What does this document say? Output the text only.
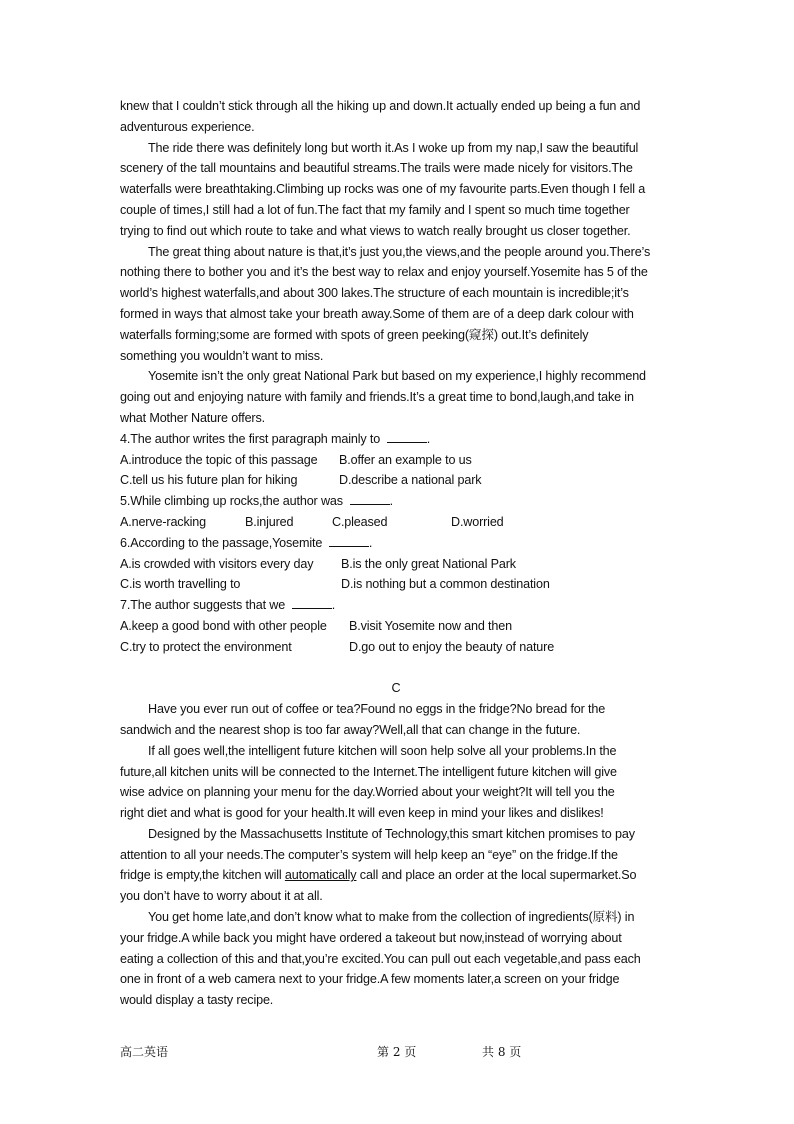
knew that I couldn’t stick through all the hiking up and down.It actually ended up being a fun and
adventurous experience.
The ride there was definitely long but worth it.As I woke up from my nap,I saw the beautiful
scenery of the tall mountains and beautiful streams.The trails were made nicely for visitors.The
waterfalls were breathtaking.Climbing up rocks was one of my favourite parts.Even though I fell a
couple of times,I still had a lot of fun.The fact that my family and I spent so much time together
trying to find out which route to take and what views to watch really brought us closer together.
The great thing about nature is that,it’s just you,the views,and the people around you.There’s
nothing there to bother you and it’s the best way to relax and enjoy yourself.Yosemite has 5 of the
world’s highest waterfalls,and about 300 lakes.The structure of each mountain is incredible;it’s
formed in ways that almost take your breath away.Some of them are of a deep dark colour with
waterfalls forming;some are formed with spots of green peeking(窥探) out.It’s definitely
something you wouldn’t want to miss.
Yosemite isn’t the only great National Park but based on my experience,I highly recommend
going out and enjoying nature with family and friends.It’s a great time to bond,laugh,and take in
what Mother Nature offers.
4.The author writes the first paragraph mainly to	.
A.introduce the topic of this passage B.offer an example to us
C.tell us his future plan for hiking	D.describe a national park
5.While climbing up rocks,the author was	.
A.nerve-racking	B.injured	C.pleased	D.worried
6.According to the passage,Yosemite	.
A.is crowded with visitors every day B.is the only great National Park
C.is worth travelling to	D.is nothing but a common destination
7.The author suggests that we	.
A.keep a good bond with other people B.visit Yosemite now and then
C.try to protect the environment	D.go out to enjoy the beauty of nature
C
Have you ever run out of coffee or tea?Found no eggs in the fridge?No bread for the
sandwich and the nearest shop is too far away?Well,all that can change in the future.
If all goes well,the intelligent future kitchen will soon help solve all your problems.In the
future,all kitchen units will be connected to the Internet.The intelligent future kitchen will give
wise advice on planning your menu for the day.Worried about your weight?It will tell you the
right diet and what is good for your health.It will even keep in mind your likes and dislikes!
Designed by the Massachusetts Institute of Technology,this smart kitchen promises to pay
attention to all your needs.The computer’s system will help keep an “eye” on the fridge.If the
fridge is empty,the kitchen will automatically call and place an order at the local supermarket.So
you don’t have to worry about it at all.
You get home late,and don’t know what to make from the collection of ingredients(原料) in
your fridge.A while back you might have ordered a takeout but now,instead of worrying about
eating a collection of this and that,you’re excited.You can pull out each vegetable,and pass each
one in front of a web camera next to your fridge.A few moments later,a screen on your fridge
would display a tasty recipe.
高二英语	第 2 页	共 8 页
